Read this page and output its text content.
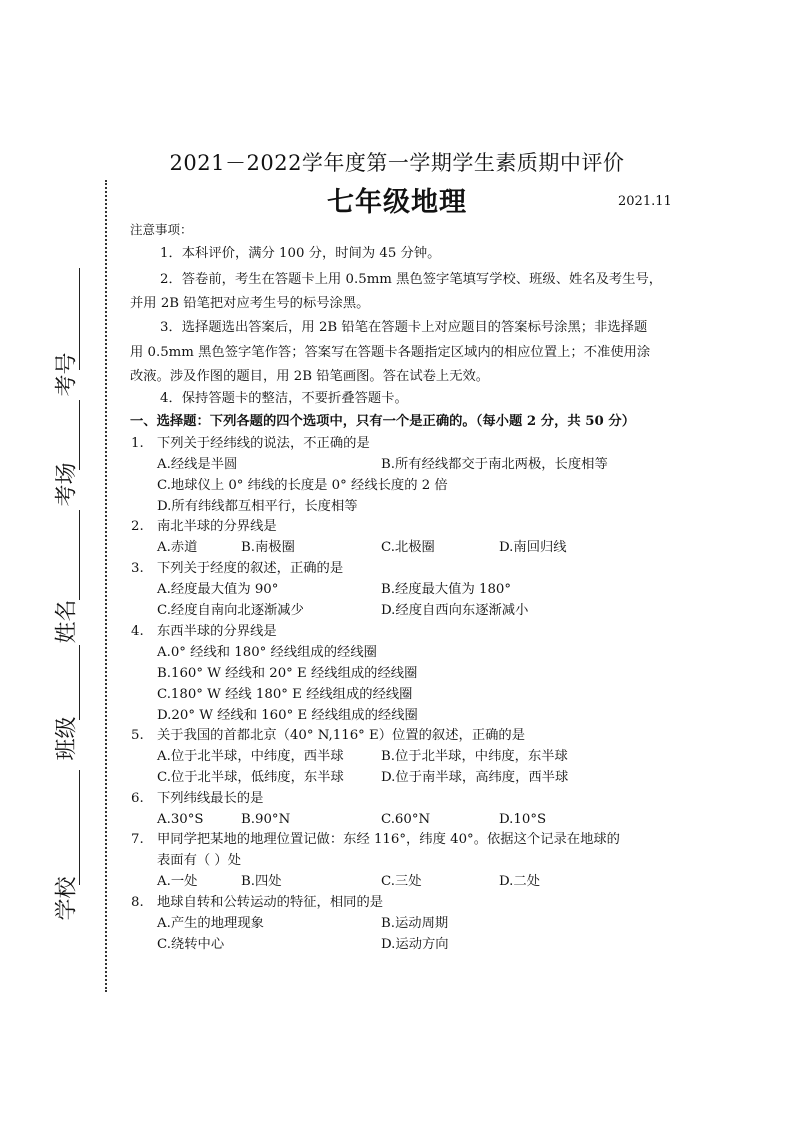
考号
考场
姓名
班级
学校
2021－2022学年度第一学期学生素质期中评价
七年级地理	2021.11
注意事项：
1．本科评价，满分 100 分，时间为 45 分钟。
2．答卷前，考生在答题卡上用 0.5mm 黑色签字笔填写学校、班级、姓名及考生号，
并用 2B 铅笔把对应考生号的标号涂黑。
3．选择题选出答案后，用 2B 铅笔在答题卡上对应题目的答案标号涂黑；非选择题
用 0.5mm 黑色签字笔作答；答案写在答题卡各题指定区域内的相应位置上；不准使用涂
改液。涉及作图的题目，用 2B 铅笔画图。答在试卷上无效。
4．保持答题卡的整洁，不要折叠答题卡。
一、选择题：下列各题的四个选项中，只有一个是正确的。（每小题 2 分，共 50 分）
1. 下列关于经纬线的说法，不正确的是
A.经线是半圆	B.所有经线都交于南北两极，长度相等
C.地球仪上 0° 纬线的长度是 0° 经线长度的 2 倍
D.所有纬线都互相平行，长度相等
2. 南北半球的分界线是
A.赤道	B.南极圈	C.北极圈	D.南回归线
3. 下列关于经度的叙述，正确的是
A.经度最大值为 90°	B.经度最大值为 180°
C.经度自南向北逐渐减少	D.经度自西向东逐渐减小
4. 东西半球的分界线是
A.0° 经线和 180° 经线组成的经线圈
B.160° W 经线和 20° E 经线组成的经线圈
C.180° W 经线 180° E 经线组成的经线圈
D.20° W 经线和 160° E 经线组成的经线圈
5. 关于我国的首都北京（40° N,116° E）位置的叙述，正确的是
A.位于北半球，中纬度，西半球	B.位于北半球，中纬度，东半球
C.位于北半球，低纬度，东半球	D.位于南半球，高纬度，西半球
6. 下列纬线最长的是
A.30°S	B.90°N	C.60°N	D.10°S
7. 甲同学把某地的地理位置记做：东经 116°，纬度 40°。依据这个记录在地球的
表面有（ ）处
A.一处	B.四处	C.三处	D.二处
8. 地球自转和公转运动的特征，相同的是
A.产生的地理现象	B.运动周期
C.绕转中心	D.运动方向
